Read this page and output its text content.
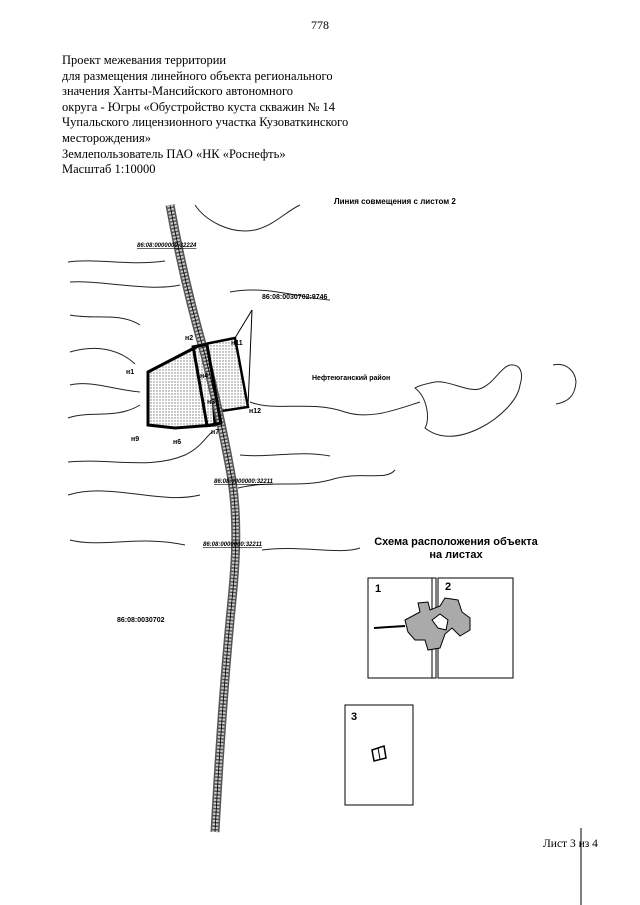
778
Проект межевания территории
для размещения линейного объекта регионального
значения Ханты-Мансийского автономного
округа - Югры «Обустройство куста скважин № 14
Чупальского лицензионного участка Кузоваткинского
месторождения»
Землепользователь ПАО «НК «Роснефть»
Масштаб 1:10000
Линия совмещения с листом 2
86:08:0000000:32224
86:08:0030702:9746
Нефтеюганский район
86:08:0000000:32211
86:08:0000000:32211
86:08:0030702
н1
н2
н3
н4
н6
н7
н9
н11
н12
Схема расположения объекта
на листах
1	2
3
Лист 3 из 4
